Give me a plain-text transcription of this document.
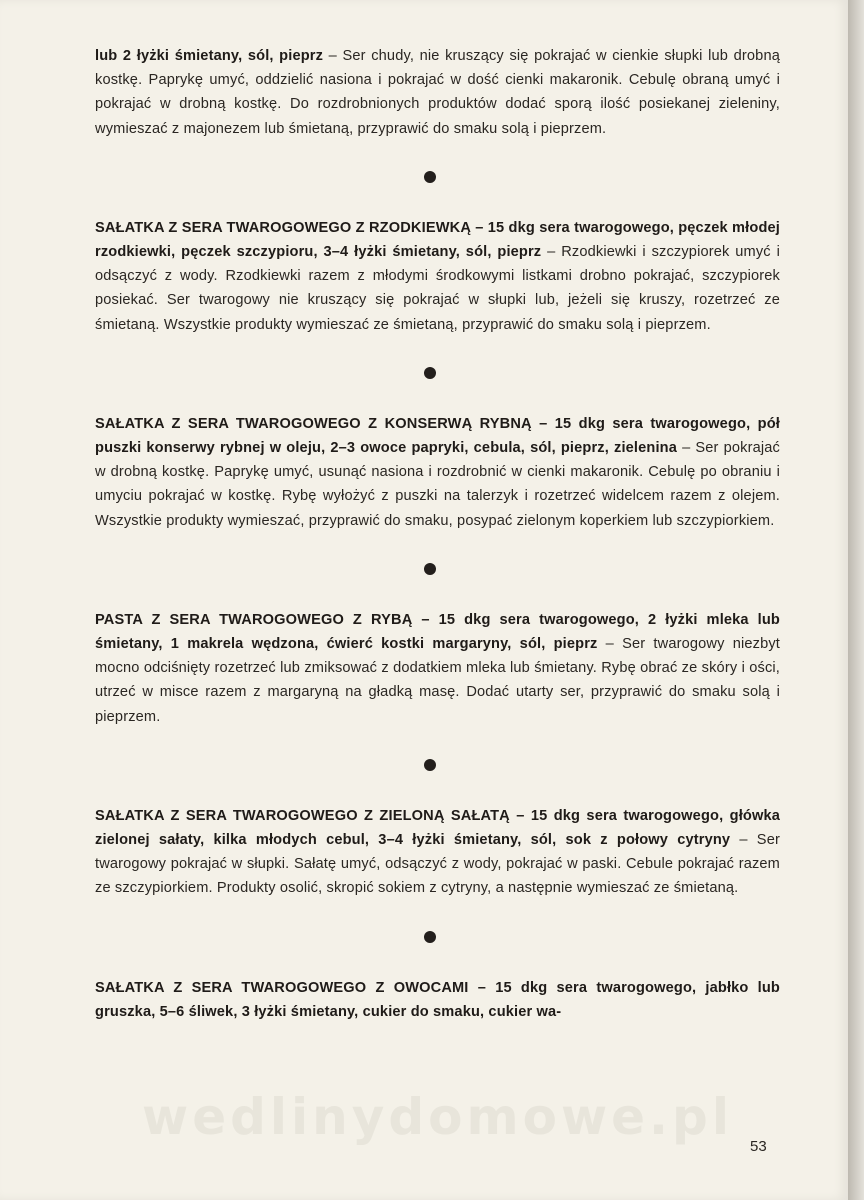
lub 2 łyżki śmietany, sól, pieprz – Ser chudy, nie kruszący się pokrajać w cienkie słupki lub drobną kostkę. Paprykę umyć, oddzielić nasiona i pokrajać w dość cienki makaronik. Cebulę obraną umyć i pokrajać w drobną kostkę. Do rozdrobnionych produktów dodać sporą ilość posiekanej zieleniny, wymieszać z majonezem lub śmietaną, przyprawić do smaku solą i pieprzem.

SAŁATKA Z SERA TWAROGOWEGO Z RZODKIEWKĄ – 15 dkg sera twarogowego, pęczek młodej rzodkiewki, pęczek szczypioru, 3–4 łyżki śmietany, sól, pieprz – Rzodkiewki i szczypiorek umyć i odsączyć z wody. Rzodkiewki razem z młodymi środkowymi listkami drobno pokrajać, szczypiorek posiekać. Ser twarogowy nie kruszący się pokrajać w słupki lub, jeżeli się kruszy, rozetrzeć ze śmietaną. Wszystkie produkty wymieszać ze śmietaną, przyprawić do smaku solą i pieprzem.

SAŁATKA Z SERA TWAROGOWEGO Z KONSERWĄ RYBNĄ – 15 dkg sera twarogowego, pół puszki konserwy rybnej w oleju, 2–3 owoce papryki, cebula, sól, pieprz, zielenina – Ser pokrajać w drobną kostkę. Paprykę umyć, usunąć nasiona i rozdrobnić w cienki makaronik. Cebulę po obraniu i umyciu pokrajać w kostkę. Rybę wyłożyć z puszki na talerzyk i rozetrzeć widelcem razem z olejem. Wszystkie produkty wymieszać, przyprawić do smaku, posypać zielonym koperkiem lub szczypiorkiem.

PASTA Z SERA TWAROGOWEGO Z RYBĄ – 15 dkg sera twarogowego, 2 łyżki mleka lub śmietany, 1 makrela wędzona, ćwierć kostki margaryny, sól, pieprz – Ser twarogowy niezbyt mocno odciśnięty rozetrzeć lub zmiksować z dodatkiem mleka lub śmietany. Rybę obrać ze skóry i ości, utrzeć w misce razem z margaryną na gładką masę. Dodać utarty ser, przyprawić do smaku solą i pieprzem.

SAŁATKA Z SERA TWAROGOWEGO Z ZIELONĄ SAŁATĄ – 15 dkg sera twarogowego, główka zielonej sałaty, kilka młodych cebul, 3–4 łyżki śmietany, sól, sok z połowy cytryny – Ser twarogowy pokrajać w słupki. Sałatę umyć, odsączyć z wody, pokrajać w paski. Cebule pokrajać razem ze szczypiorkiem. Produkty osolić, skropić sokiem z cytryny, a następnie wymieszać ze śmietaną.

SAŁATKA Z SERA TWAROGOWEGO Z OWOCAMI – 15 dkg sera twarogowego, jabłko lub gruszka, 5–6 śliwek, 3 łyżki śmietany, cukier do smaku, cukier wa-

wedlinydomowe.pl
53
